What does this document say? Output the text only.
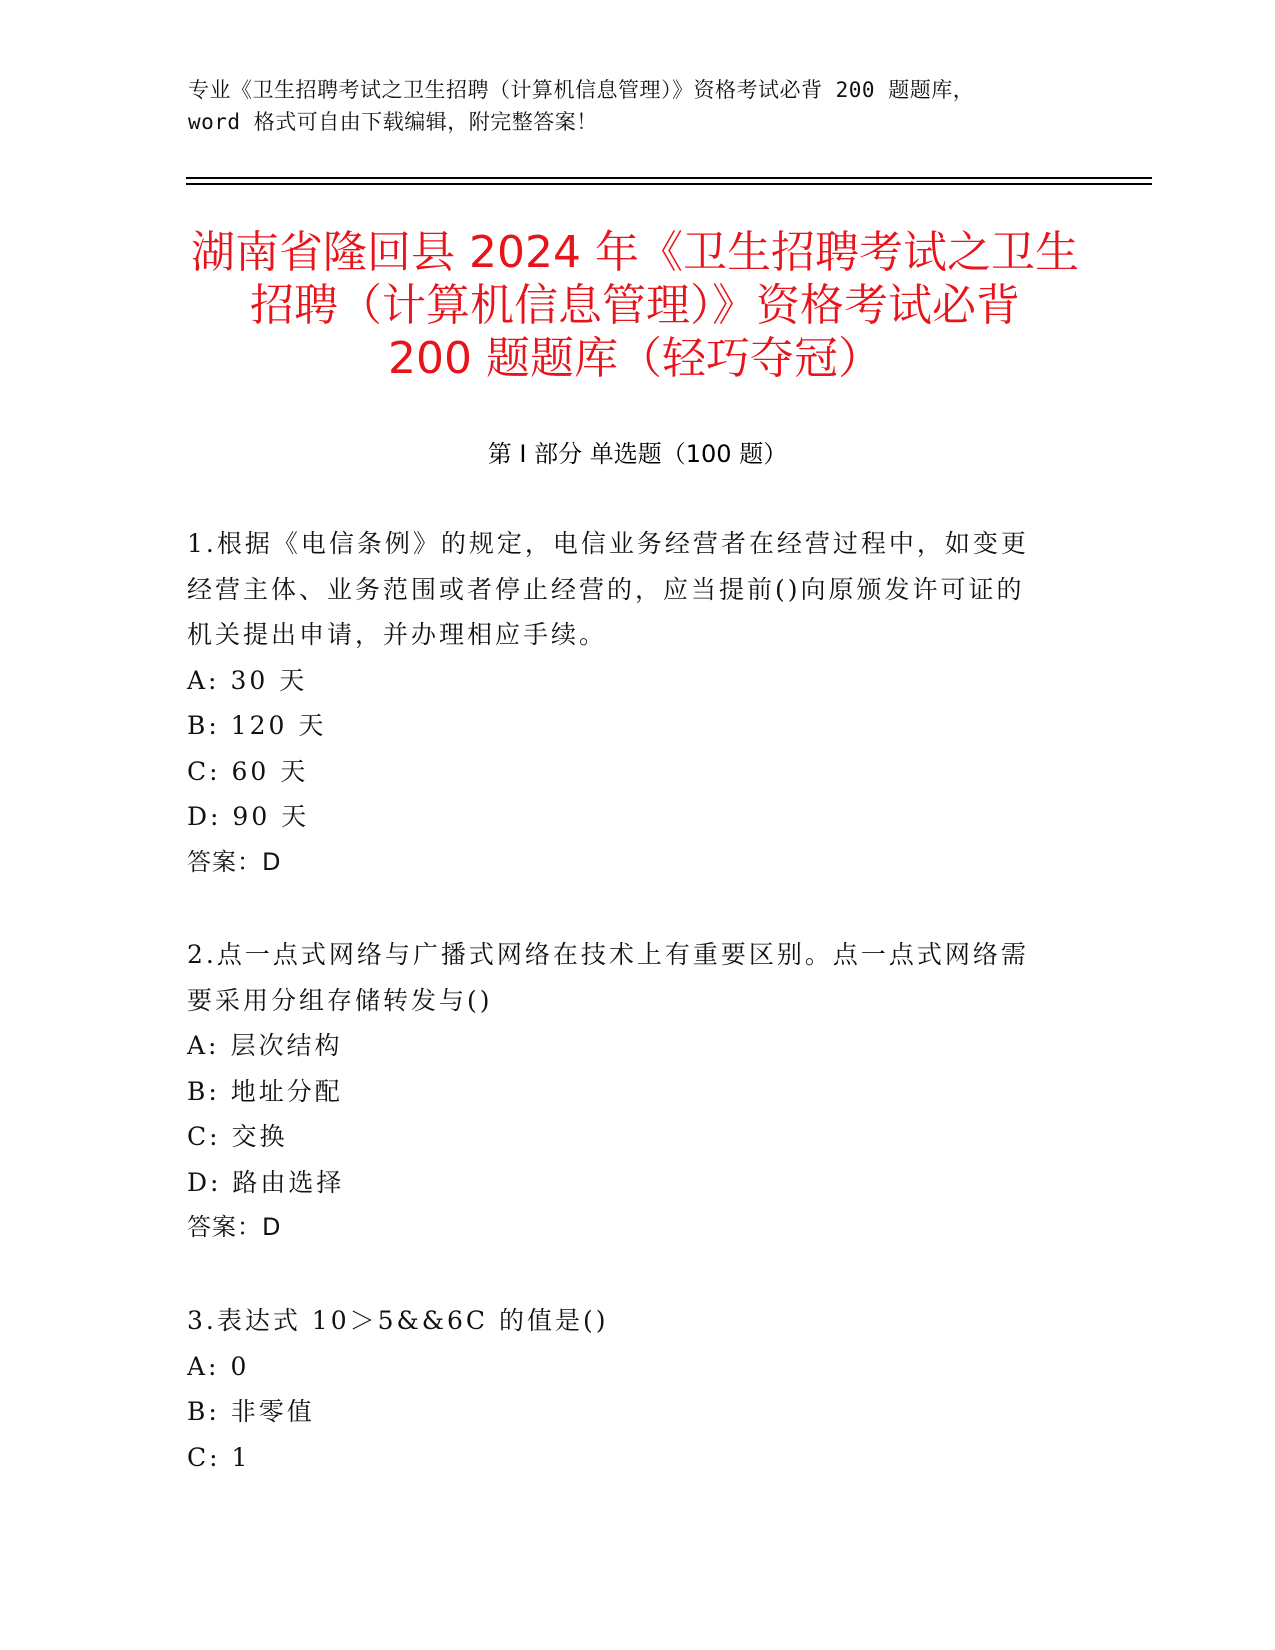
专业《卫生招聘考试之卫生招聘（计算机信息管理）》资格考试必背 200 题题库，
word 格式可自由下载编辑，附完整答案！
湖南省隆回县 2024 年《卫生招聘考试之卫生
招聘（计算机信息管理）》资格考试必背
200 题题库（轻巧夺冠）
第 I 部分 单选题（100 题）
1.根据《电信条例》的规定，电信业务经营者在经营过程中，如变更
经营主体、业务范围或者停止经营的，应当提前()向原颁发许可证的
机关提出申请，并办理相应手续。
A: 30 天
B: 120 天
C: 60 天
D: 90 天
答案：D
2.点一点式网络与广播式网络在技术上有重要区别。点一点式网络需
要采用分组存储转发与()
A: 层次结构
B: 地址分配
C: 交换
D: 路由选择
答案：D
3.表达式 10＞5&&6C 的值是()
A: 0
B: 非零值
C: 1
